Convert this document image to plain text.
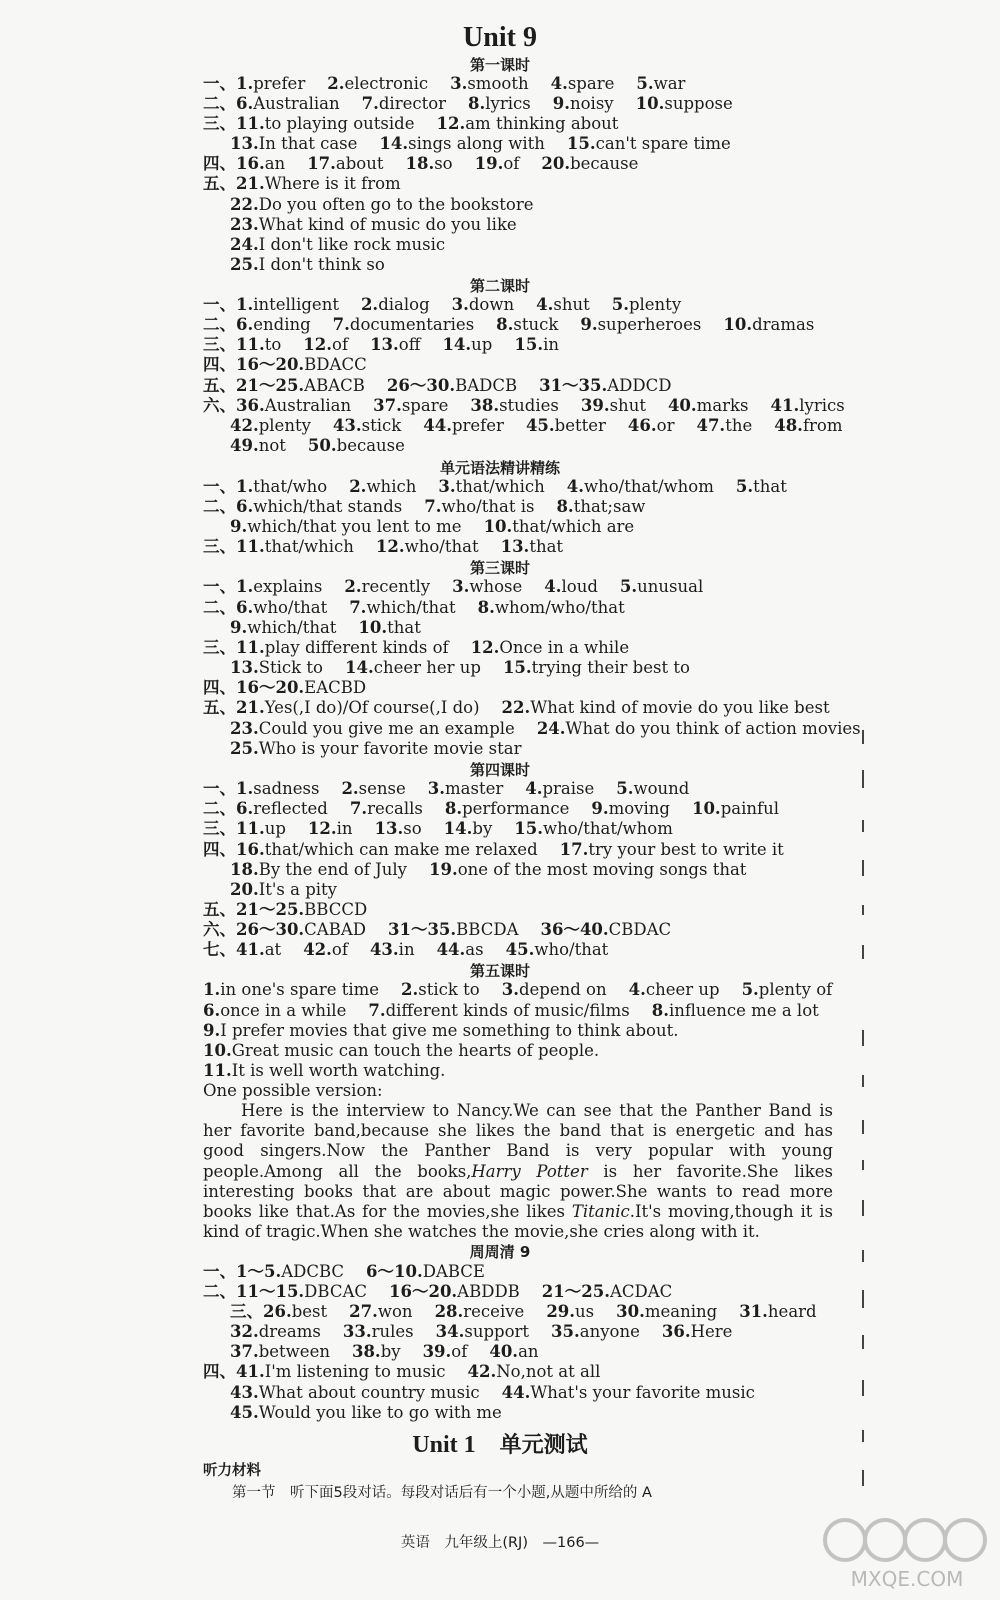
Unit 9
第一课时
一、1.prefer 2.electronic 3.smooth 4.spare 5.war
二、6.Australian 7.director 8.lyrics 9.noisy 10.suppose
三、11.to playing outside 12.am thinking about
13.In that case 14.sings along with 15.can't spare time
四、16.an 17.about 18.so 19.of 20.because
五、21.Where is it from
22.Do you often go to the bookstore
23.What kind of music do you like
24.I don't like rock music
25.I don't think so
第二课时
一、1.intelligent 2.dialog 3.down 4.shut 5.plenty
二、6.ending 7.documentaries 8.stuck 9.superheroes 10.dramas
三、11.to 12.of 13.off 14.up 15.in
四、16～20.BDACC
五、21～25.ABACB 26～30.BADCB 31～35.ADDCD
六、36.Australian 37.spare 38.studies 39.shut 40.marks 41.lyrics
42.plenty 43.stick 44.prefer 45.better 46.or 47.the 48.from
49.not 50.because
单元语法精讲精练
一、1.that/who 2.which 3.that/which 4.who/that/whom 5.that
二、6.which/that stands 7.who/that is 8.that;saw
9.which/that you lent to me 10.that/which are
三、11.that/which 12.who/that 13.that
第三课时
一、1.explains 2.recently 3.whose 4.loud 5.unusual
二、6.who/that 7.which/that 8.whom/who/that
9.which/that 10.that
三、11.play different kinds of 12.Once in a while
13.Stick to 14.cheer her up 15.trying their best to
四、16～20.EACBD
五、21.Yes(,I do)/Of course(,I do) 22.What kind of movie do you like best
23.Could you give me an example 24.What do you think of action movies
25.Who is your favorite movie star
第四课时
一、1.sadness 2.sense 3.master 4.praise 5.wound
二、6.reflected 7.recalls 8.performance 9.moving 10.painful
三、11.up 12.in 13.so 14.by 15.who/that/whom
四、16.that/which can make me relaxed 17.try your best to write it
18.By the end of July 19.one of the most moving songs that
20.It's a pity
五、21～25.BBCCD
六、26～30.CABAD 31～35.BBCDA 36～40.CBDAC
七、41.at 42.of 43.in 44.as 45.who/that
第五课时
1.in one's spare time 2.stick to 3.depend on 4.cheer up 5.plenty of
6.once in a while 7.different kinds of music/films 8.influence me a lot
9.I prefer movies that give me something to think about.
10.Great music can touch the hearts of people.
11.It is well worth watching.
One possible version:
周周清 9
一、1～5.ADCBC 6～10.DABCE
二、11～15.DBCAC 16～20.ABDDB 21～25.ACDAC
三、26.best 27.won 28.receive 29.us 30.meaning 31.heard
32.dreams 33.rules 34.support 35.anyone 36.Here
37.between 38.by 39.of 40.an
四、41.I'm listening to music 42.No,not at all
43.What about country music 44.What's your favorite music
45.Would you like to go with me
Here is the interview to Nancy.We can see that the Panther Band is her favorite band,because she likes the band that is energetic and has good singers.Now the Panther Band is very popular with young people.Among all the books,Harry Potter is her favorite.She likes interesting books that are about magic power.She wants to read more books like that.As for the movies,she likes Titanic.It's moving,though it is kind of tragic.When she watches the movie,she cries along with it.
Unit 1 单元测试
听力材料
第一节　听下面5段对话。每段对话后有一个小题,从题中所给的 A
英语　九年级上(RJ)　—166—
MXQE.COM
